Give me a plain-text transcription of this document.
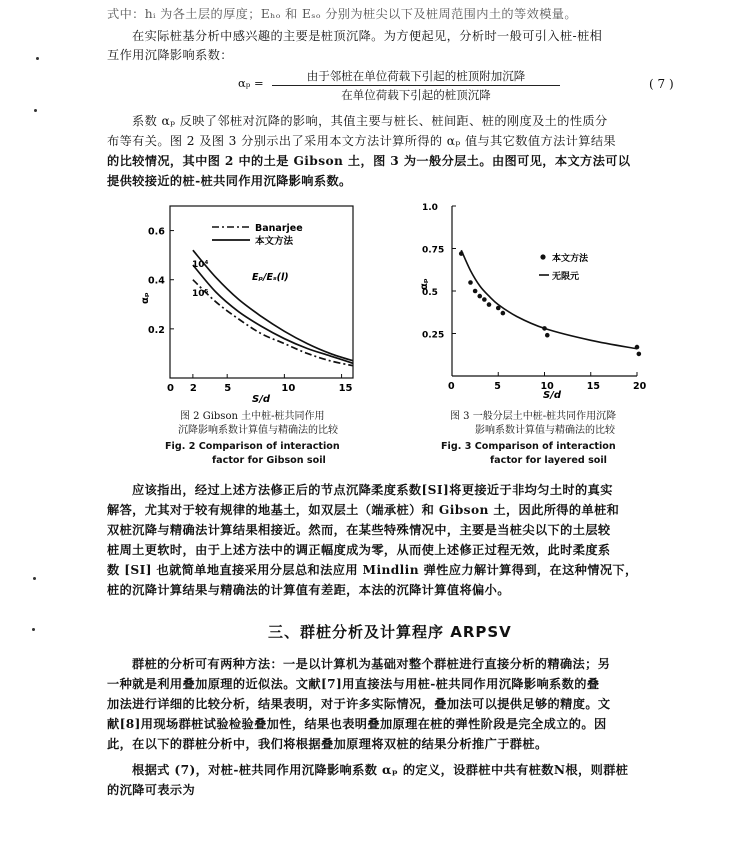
式中：hᵢ 为各土层的厚度；Eₕₒ 和 Eₛₒ 分别为桩尖以下及桩周范围内土的等效模量。
在实际桩基分析中感兴趣的主要是桩顶沉降。为方便起见，分析时一般可引入桩-桩相
互作用沉降影响系数：
αₚ =	由于邻桩在单位荷载下引起的桩顶附加沉降
在单位荷载下引起的桩顶沉降
( 7 )
系数 αₚ 反映了邻桩对沉降的影响，其值主要与桩长、桩间距、桩的刚度及土的性质分
布等有关。图 2 及图 3 分别示出了采用本文方法计算所得的 αₚ 值与其它数值方法计算结果
的比较情况，其中图 2 中的土是 Gibson 土，图 3 为一般分层土。由图可见，本文方法可以
提供较接近的桩-桩共同作用沉降影响系数。
0 2	5	10	15
0.2
0.4
0.6
αₚ
S/d
Banarjee
本文方法
Eₚ/Eₛ(l)
10⁴
10⁵
图 2 Gibson 土中桩-桩共同作用
沉降影响系数计算值与精确法的比较
Fig. 2 Comparison of interaction
factor for Gibson soil
0	5	10	15	20
0.25
0.5
0.75
1.0
αₚ
S/d
本文方法
无限元
图 3 一般分层土中桩-桩共同作用沉降
影响系数计算值与精确法的比较
Fig. 3 Comparison of interaction
factor for layered soil
应该指出，经过上述方法修正后的节点沉降柔度系数[SI]将更接近于非均匀土时的真实
解答，尤其对于较有规律的地基土，如双层土（端承桩）和 Gibson 土，因此所得的单桩和
双桩沉降与精确法计算结果相接近。然而，在某些特殊情况中，主要是当桩尖以下的土层较
桩周土更软时，由于上述方法中的调正幅度成为零，从而使上述修正过程无效，此时柔度系
数 [SI] 也就简单地直接采用分层总和法应用 Mindlin 弹性应力解计算得到，在这种情况下，
桩的沉降计算结果与精确法的计算值有差距，本法的沉降计算值将偏小。
三、群桩分析及计算程序 ARPSV
群桩的分析可有两种方法：一是以计算机为基础对整个群桩进行直接分析的精确法；另
一种就是利用叠加原理的近似法。文献[7]用直接法与用桩-桩共同作用沉降影响系数的叠
加法进行详细的比较分析，结果表明，对于许多实际情况，叠加法可以提供足够的精度。文
献[8]用现场群桩试验检验叠加性，结果也表明叠加原理在桩的弹性阶段是完全成立的。因
此，在以下的群桩分析中，我们将根据叠加原理将双桩的结果分析推广于群桩。
根据式 (7)，对桩-桩共同作用沉降影响系数 αₚ 的定义，设群桩中共有桩数N根，则群桩
的沉降可表示为
